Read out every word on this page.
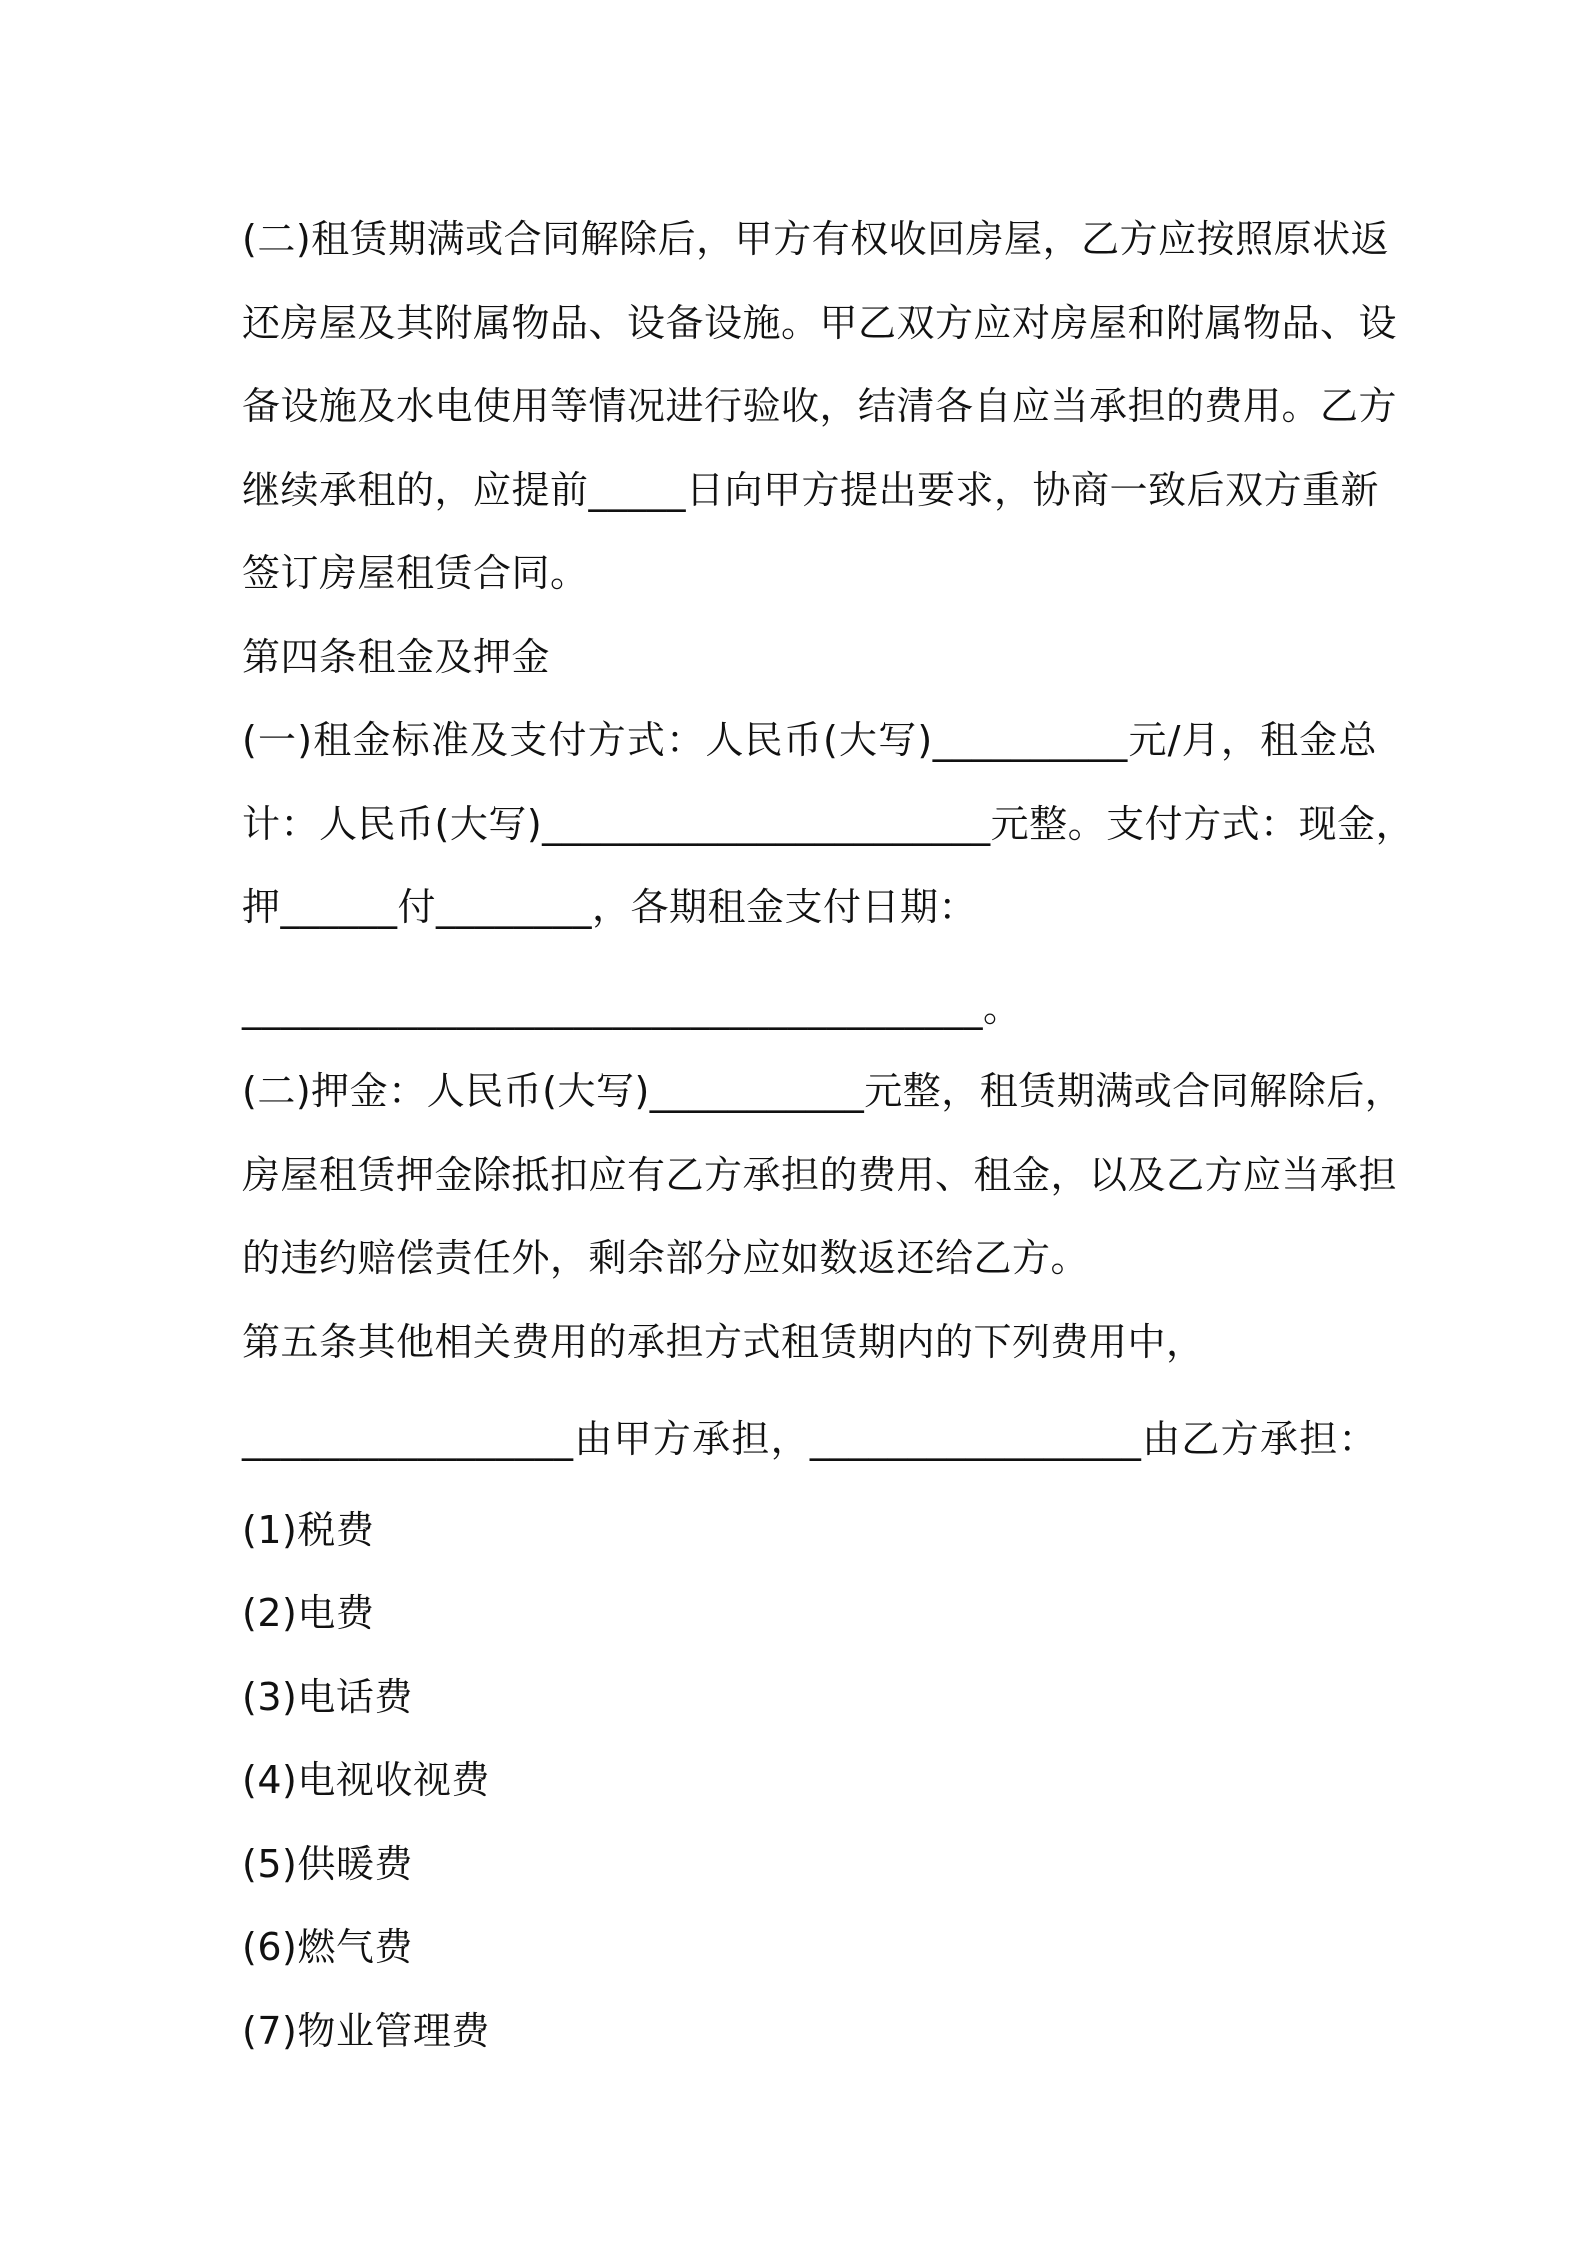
(二)租赁期满或合同解除后，甲方有权收回房屋，乙方应按照原状返
还房屋及其附属物品、设备设施。甲乙双方应对房屋和附属物品、设
备设施及水电使用等情况进行验收，结清各自应当承担的费用。乙方
继续承租的，应提前_____日向甲方提出要求，协商一致后双方重新
签订房屋租赁合同。
第四条租金及押金
(一)租金标准及支付方式：人民币(大写)__________元/月，租金总
计：人民币(大写)_______________________元整。支付方式：现金，
押______付________，各期租金支付日期：
______________________________________。
(二)押金：人民币(大写)___________元整，租赁期满或合同解除后，
房屋租赁押金除抵扣应有乙方承担的费用、租金，以及乙方应当承担
的违约赔偿责任外，剩余部分应如数返还给乙方。
第五条其他相关费用的承担方式租赁期内的下列费用中，
_________________由甲方承担，_________________由乙方承担：
(1)税费
(2)电费
(3)电话费
(4)电视收视费
(5)供暖费
(6)燃气费
(7)物业管理费
